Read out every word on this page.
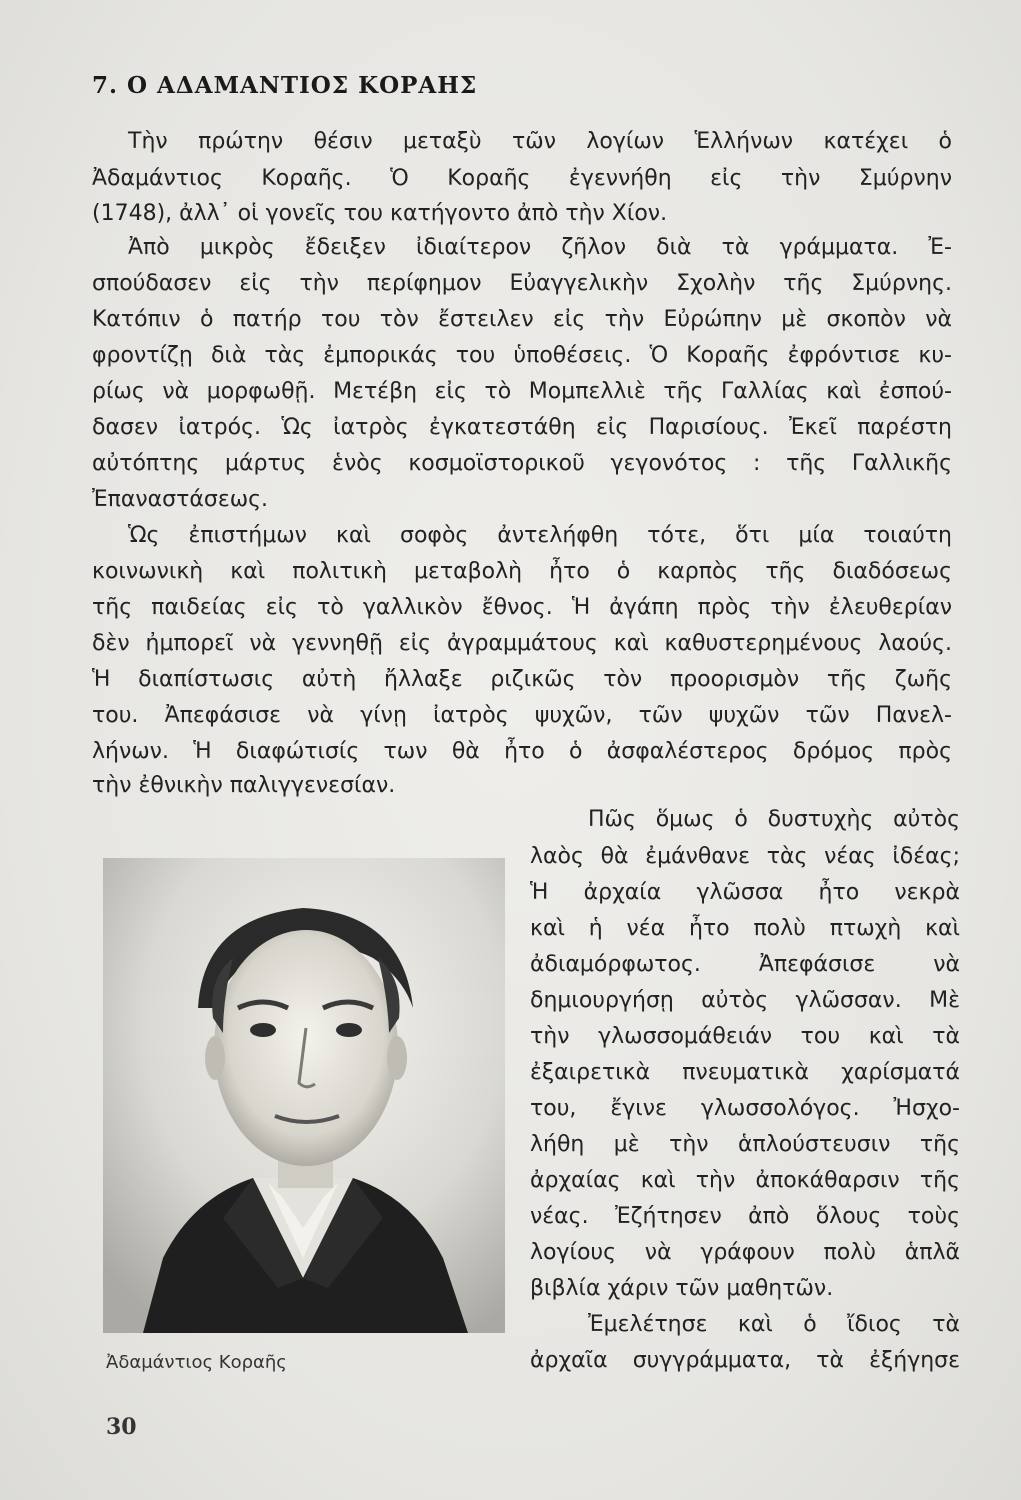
7. Ο ΑΔΑΜΑΝΤΙΟΣ ΚΟΡΑΗΣ
Τὴν πρώτην θέσιν μεταξὺ τῶν λογίων Ἑλλήνων κατέχει ὁ
Ἀδαμάντιος Κοραῆς. Ὁ Κοραῆς ἐγεννήθη εἰς τὴν Σμύρνην
(1748), ἀλλ᾽ οἱ γονεῖς του κατήγοντο ἀπὸ τὴν Χίον.
Ἀπὸ μικρὸς ἔδειξεν ἰδιαίτερον ζῆλον διὰ τὰ γράμματα. Ἐ-
σπούδασεν εἰς τὴν περίφημον Εὐαγγελικὴν Σχολὴν τῆς Σμύρνης.
Κατόπιν ὁ πατήρ του τὸν ἔστειλεν εἰς τὴν Εὐρώπην μὲ σκοπὸν νὰ
φροντίζῃ διὰ τὰς ἐμπορικάς του ὑποθέσεις. Ὁ Κοραῆς ἐφρόντισε κυ-
ρίως νὰ μορφωθῇ. Μετέβη εἰς τὸ Μομπελλιὲ τῆς Γαλλίας καὶ ἐσπού-
δασεν ἰατρός. Ὡς ἰατρὸς ἐγκατεστάθη εἰς Παρισίους. Ἐκεῖ παρέστη
αὐτόπτης μάρτυς ἑνὸς κοσμοϊστορικοῦ γεγονότος : τῆς Γαλλικῆς
Ἐπαναστάσεως.
Ὡς ἐπιστήμων καὶ σοφὸς ἀντελήφθη τότε, ὅτι μία τοιαύτη
κοινωνικὴ καὶ πολιτικὴ μεταβολὴ ἦτο ὁ καρπὸς τῆς διαδόσεως
τῆς παιδείας εἰς τὸ γαλλικὸν ἔθνος. Ἡ ἀγάπη πρὸς τὴν ἐλευθερίαν
δὲν ἠμπορεῖ νὰ γεννηθῇ εἰς ἀγραμμάτους καὶ καθυστερημένους λαούς.
Ἡ διαπίστωσις αὐτὴ ἤλλαξε ριζικῶς τὸν προορισμὸν τῆς ζωῆς
του. Ἀπεφάσισε νὰ γίνῃ ἰατρὸς ψυχῶν, τῶν ψυχῶν τῶν Πανελ-
λήνων. Ἡ διαφώτισίς των θὰ ἦτο ὁ ἀσφαλέστερος δρόμος πρὸς
τὴν ἐθνικὴν παλιγγενεσίαν.
Πῶς ὅμως ὁ δυστυχὴς αὐτὸς
λαὸς θὰ ἐμάνθανε τὰς νέας ἰδέας;
Ἡ ἀρχαία γλῶσσα ἦτο νεκρὰ
καὶ ἡ νέα ἦτο πολὺ πτωχὴ καὶ
ἀδιαμόρφωτος. Ἀπεφάσισε νὰ
δημιουργήσῃ αὐτὸς γλῶσσαν. Μὲ
τὴν γλωσσομάθειάν του καὶ τὰ
ἐξαιρετικὰ πνευματικὰ χαρίσματά
του, ἔγινε γλωσσολόγος. Ἠσχο-
λήθη μὲ τὴν ἁπλούστευσιν τῆς
ἀρχαίας καὶ τὴν ἀποκάθαρσιν τῆς
νέας. Ἐζήτησεν ἀπὸ ὅλους τοὺς
λογίους νὰ γράφουν πολὺ ἁπλᾶ
βιβλία χάριν τῶν μαθητῶν.
Ἐμελέτησε καὶ ὁ ἴδιος τὰ
ἀρχαῖα συγγράμματα, τὰ ἐξήγησε
Ἀδαμάντιος Κοραῆς
30
